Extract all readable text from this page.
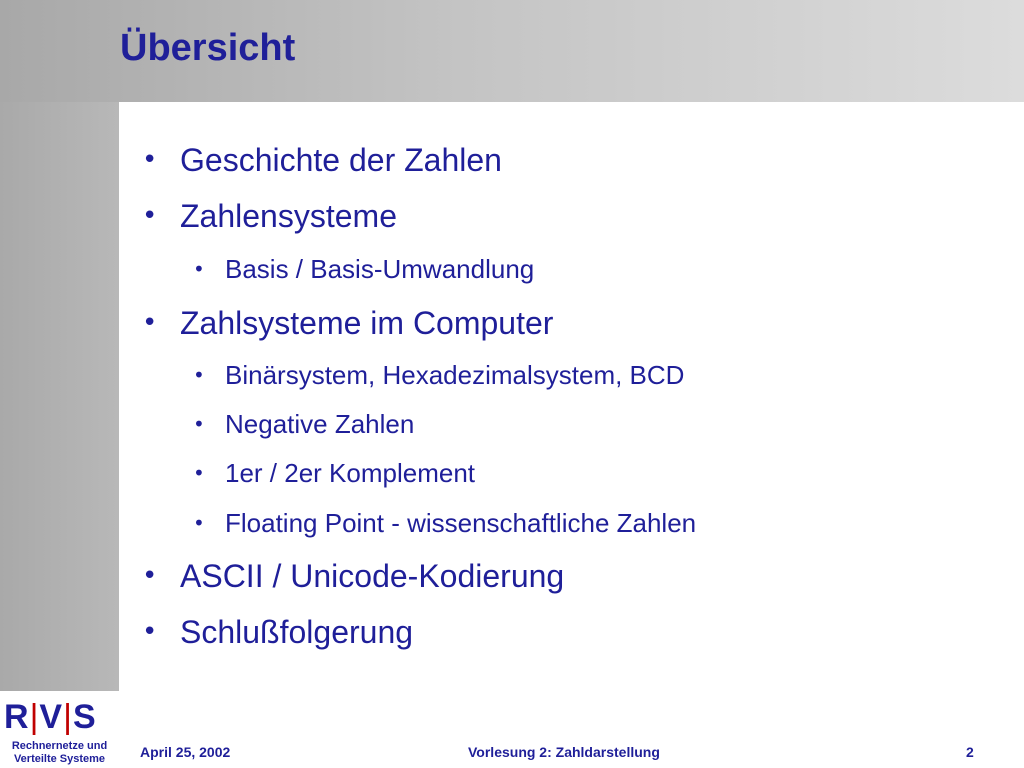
Übersicht
• Geschichte der Zahlen
• Zahlensysteme
• Basis / Basis-Umwandlung
• Zahlsysteme im Computer
• Binärsystem, Hexadezimalsystem, BCD
• Negative Zahlen
• 1er / 2er Komplement
• Floating Point - wissenschaftliche Zahlen
• ASCII / Unicode-Kodierung
• Schlußfolgerung
R|V|S
Rechnernetze und
Verteilte Systeme	April 25, 2002	Vorlesung 2: Zahldarstellung	2
